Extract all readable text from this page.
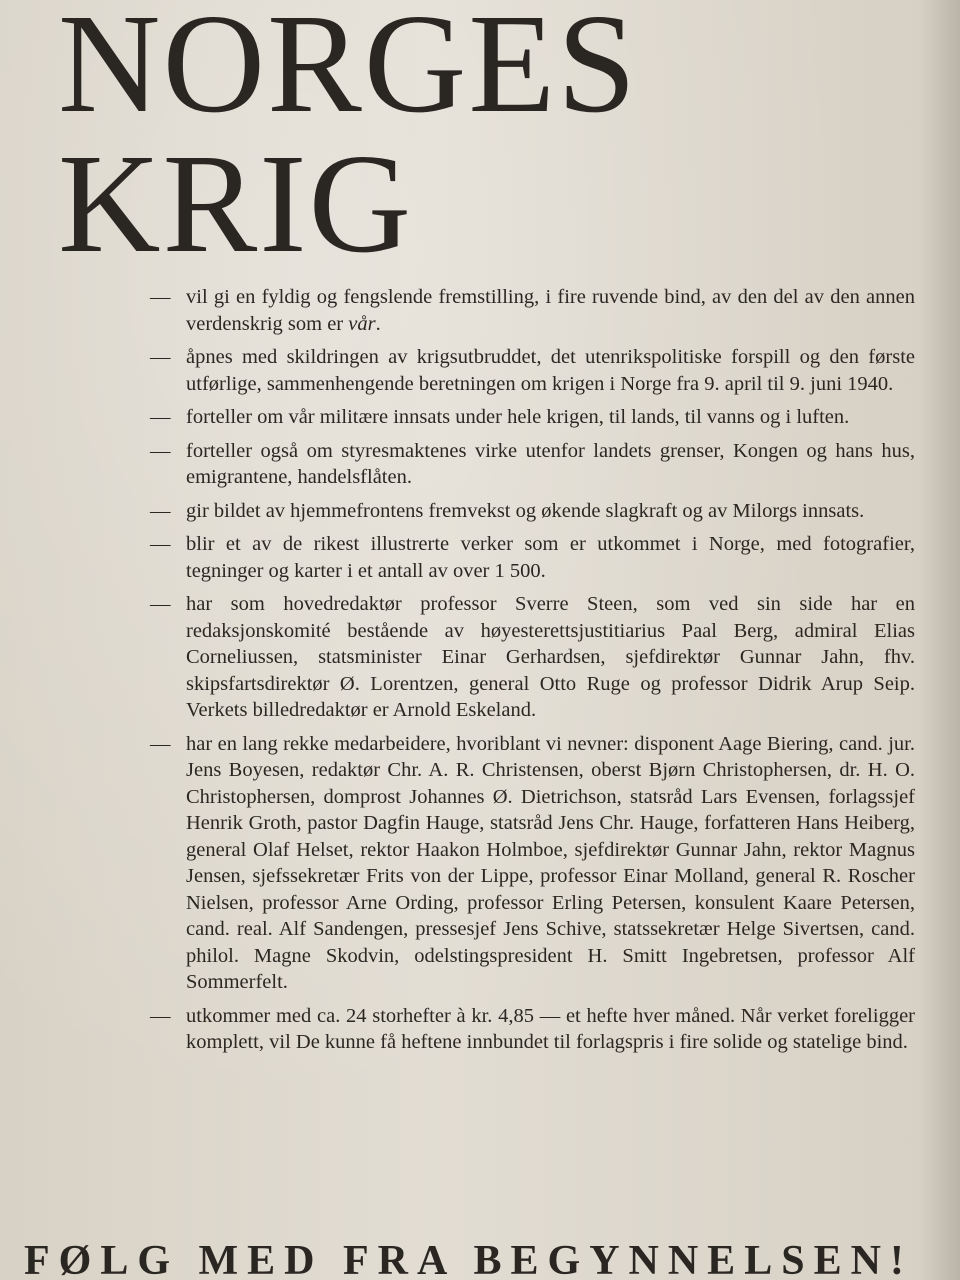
NORGES
KRIG
— vil gi en fyldig og fengslende fremstilling, i fire ruvende bind, av den del av den annen verdenskrig som er vår.
— åpnes med skildringen av krigsutbruddet, det utenrikspolitiske forspill og den første utførlige, sammenhengende beretningen om krigen i Norge fra 9. april til 9. juni 1940.
— forteller om vår militære innsats under hele krigen, til lands, til vanns og i luften.
— forteller også om styresmaktenes virke utenfor landets grenser, Kongen og hans hus, emigrantene, handelsflåten.
— gir bildet av hjemmefrontens fremvekst og økende slagkraft og av Milorgs innsats.
— blir et av de rikest illustrerte verker som er utkommet i Norge, med fotografier, tegninger og karter i et antall av over 1 500.
— har som hovedredaktør professor Sverre Steen, som ved sin side har en redaksjonskomité bestående av høyesterettsjustitiarius Paal Berg, admiral Elias Corneliussen, statsminister Einar Gerhardsen, sjefdirektør Gunnar Jahn, fhv. skipsfartsdirektør Ø. Lorentzen, general Otto Ruge og professor Didrik Arup Seip. Verkets billedredaktør er Arnold Eskeland.
— har en lang rekke medarbeidere, hvoriblant vi nevner: disponent Aage Biering, cand. jur. Jens Boyesen, redaktør Chr. A. R. Christensen, oberst Bjørn Christophersen, dr. H. O. Christophersen, domprost Johannes Ø. Dietrichson, statsråd Lars Evensen, forlagssjef Henrik Groth, pastor Dagfin Hauge, statsråd Jens Chr. Hauge, forfatteren Hans Heiberg, general Olaf Helset, rektor Haakon Holmboe, sjefdirektør Gunnar Jahn, rektor Magnus Jensen, sjefssekretær Frits von der Lippe, professor Einar Molland, general R. Roscher Nielsen, professor Arne Ording, professor Erling Petersen, konsulent Kaare Petersen, cand. real. Alf Sandengen, pressesjef Jens Schive, statssekretær Helge Sivertsen, cand. philol. Magne Skodvin, odelstingspresident H. Smitt Ingebretsen, professor Alf Sommerfelt.
— utkommer med ca. 24 storhefter à kr. 4,85 — et hefte hver måned. Når verket foreligger komplett, vil De kunne få heftene innbundet til forlagspris i fire solide og statelige bind.

FØLG MED FRA BEGYNNELSEN!
